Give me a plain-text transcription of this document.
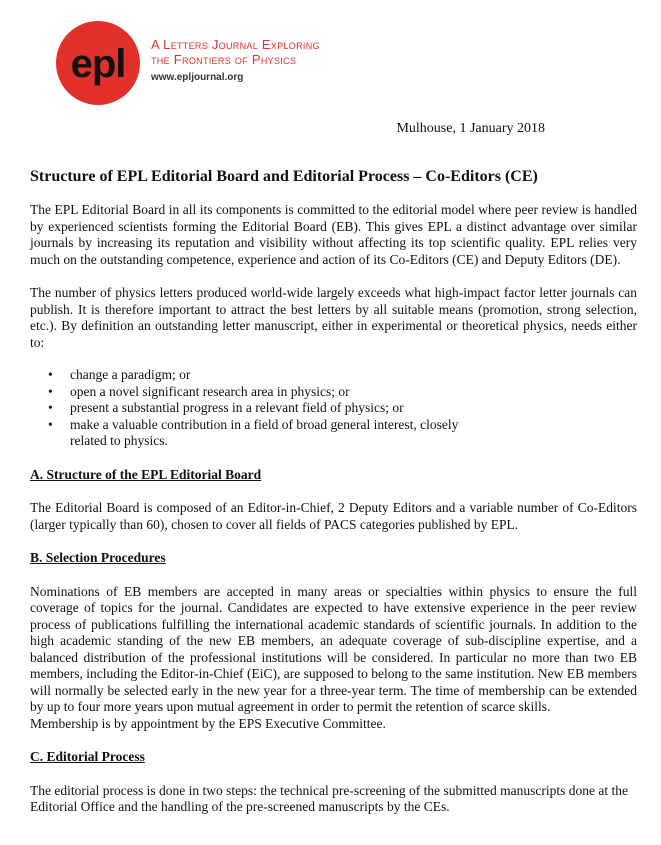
epl A Letters Journal Exploring
the Frontiers of Physics
www.epljournal.org
Mulhouse, 1 January 2018
Structure of EPL Editorial Board and Editorial Process – Co-Editors (CE)

The EPL Editorial Board in all its components is committed to the editorial model where peer review is handled by experienced scientists forming the Editorial Board (EB). This gives EPL a distinct advantage over similar journals by increasing its reputation and visibility without affecting its top scientific quality. EPL relies very much on the outstanding competence, experience and action of its Co-Editors (CE) and Deputy Editors (DE).

The number of physics letters produced world-wide largely exceeds what high-impact factor letter journals can publish. It is therefore important to attract the best letters by all suitable means (promotion, strong selection, etc.). By definition an outstanding letter manuscript, either in experimental or theoretical physics, needs either to:

• change a paradigm; or
• open a novel significant research area in physics; or
• present a substantial progress in a relevant field of physics; or
• make a valuable contribution in a field of broad general interest, closely related to physics.
A. Structure of the EPL Editorial Board

The Editorial Board is composed of an Editor-in-Chief, 2 Deputy Editors and a variable number of Co-Editors (larger typically than 60), chosen to cover all fields of PACS categories published by EPL.

B. Selection Procedures

Nominations of EB members are accepted in many areas or specialties within physics to ensure the full coverage of topics for the journal. Candidates are expected to have extensive experience in the peer review process of publications fulfilling the international academic standards of scientific journals. In addition to the high academic standing of the new EB members, an adequate coverage of sub-discipline expertise, and a balanced distribution of the professional institutions will be considered. In particular no more than two EB members, including the Editor-in-Chief (EiC), are supposed to belong to the same institution. New EB members will normally be selected early in the new year for a three-year term. The time of membership can be extended by up to four more years upon mutual agreement in order to permit the retention of scarce skills.

Membership is by appointment by the EPS Executive Committee.

C. Editorial Process

The editorial process is done in two steps: the technical pre-screening of the submitted manuscripts done at the Editorial Office and the handling of the pre-screened manuscripts by the CEs.
